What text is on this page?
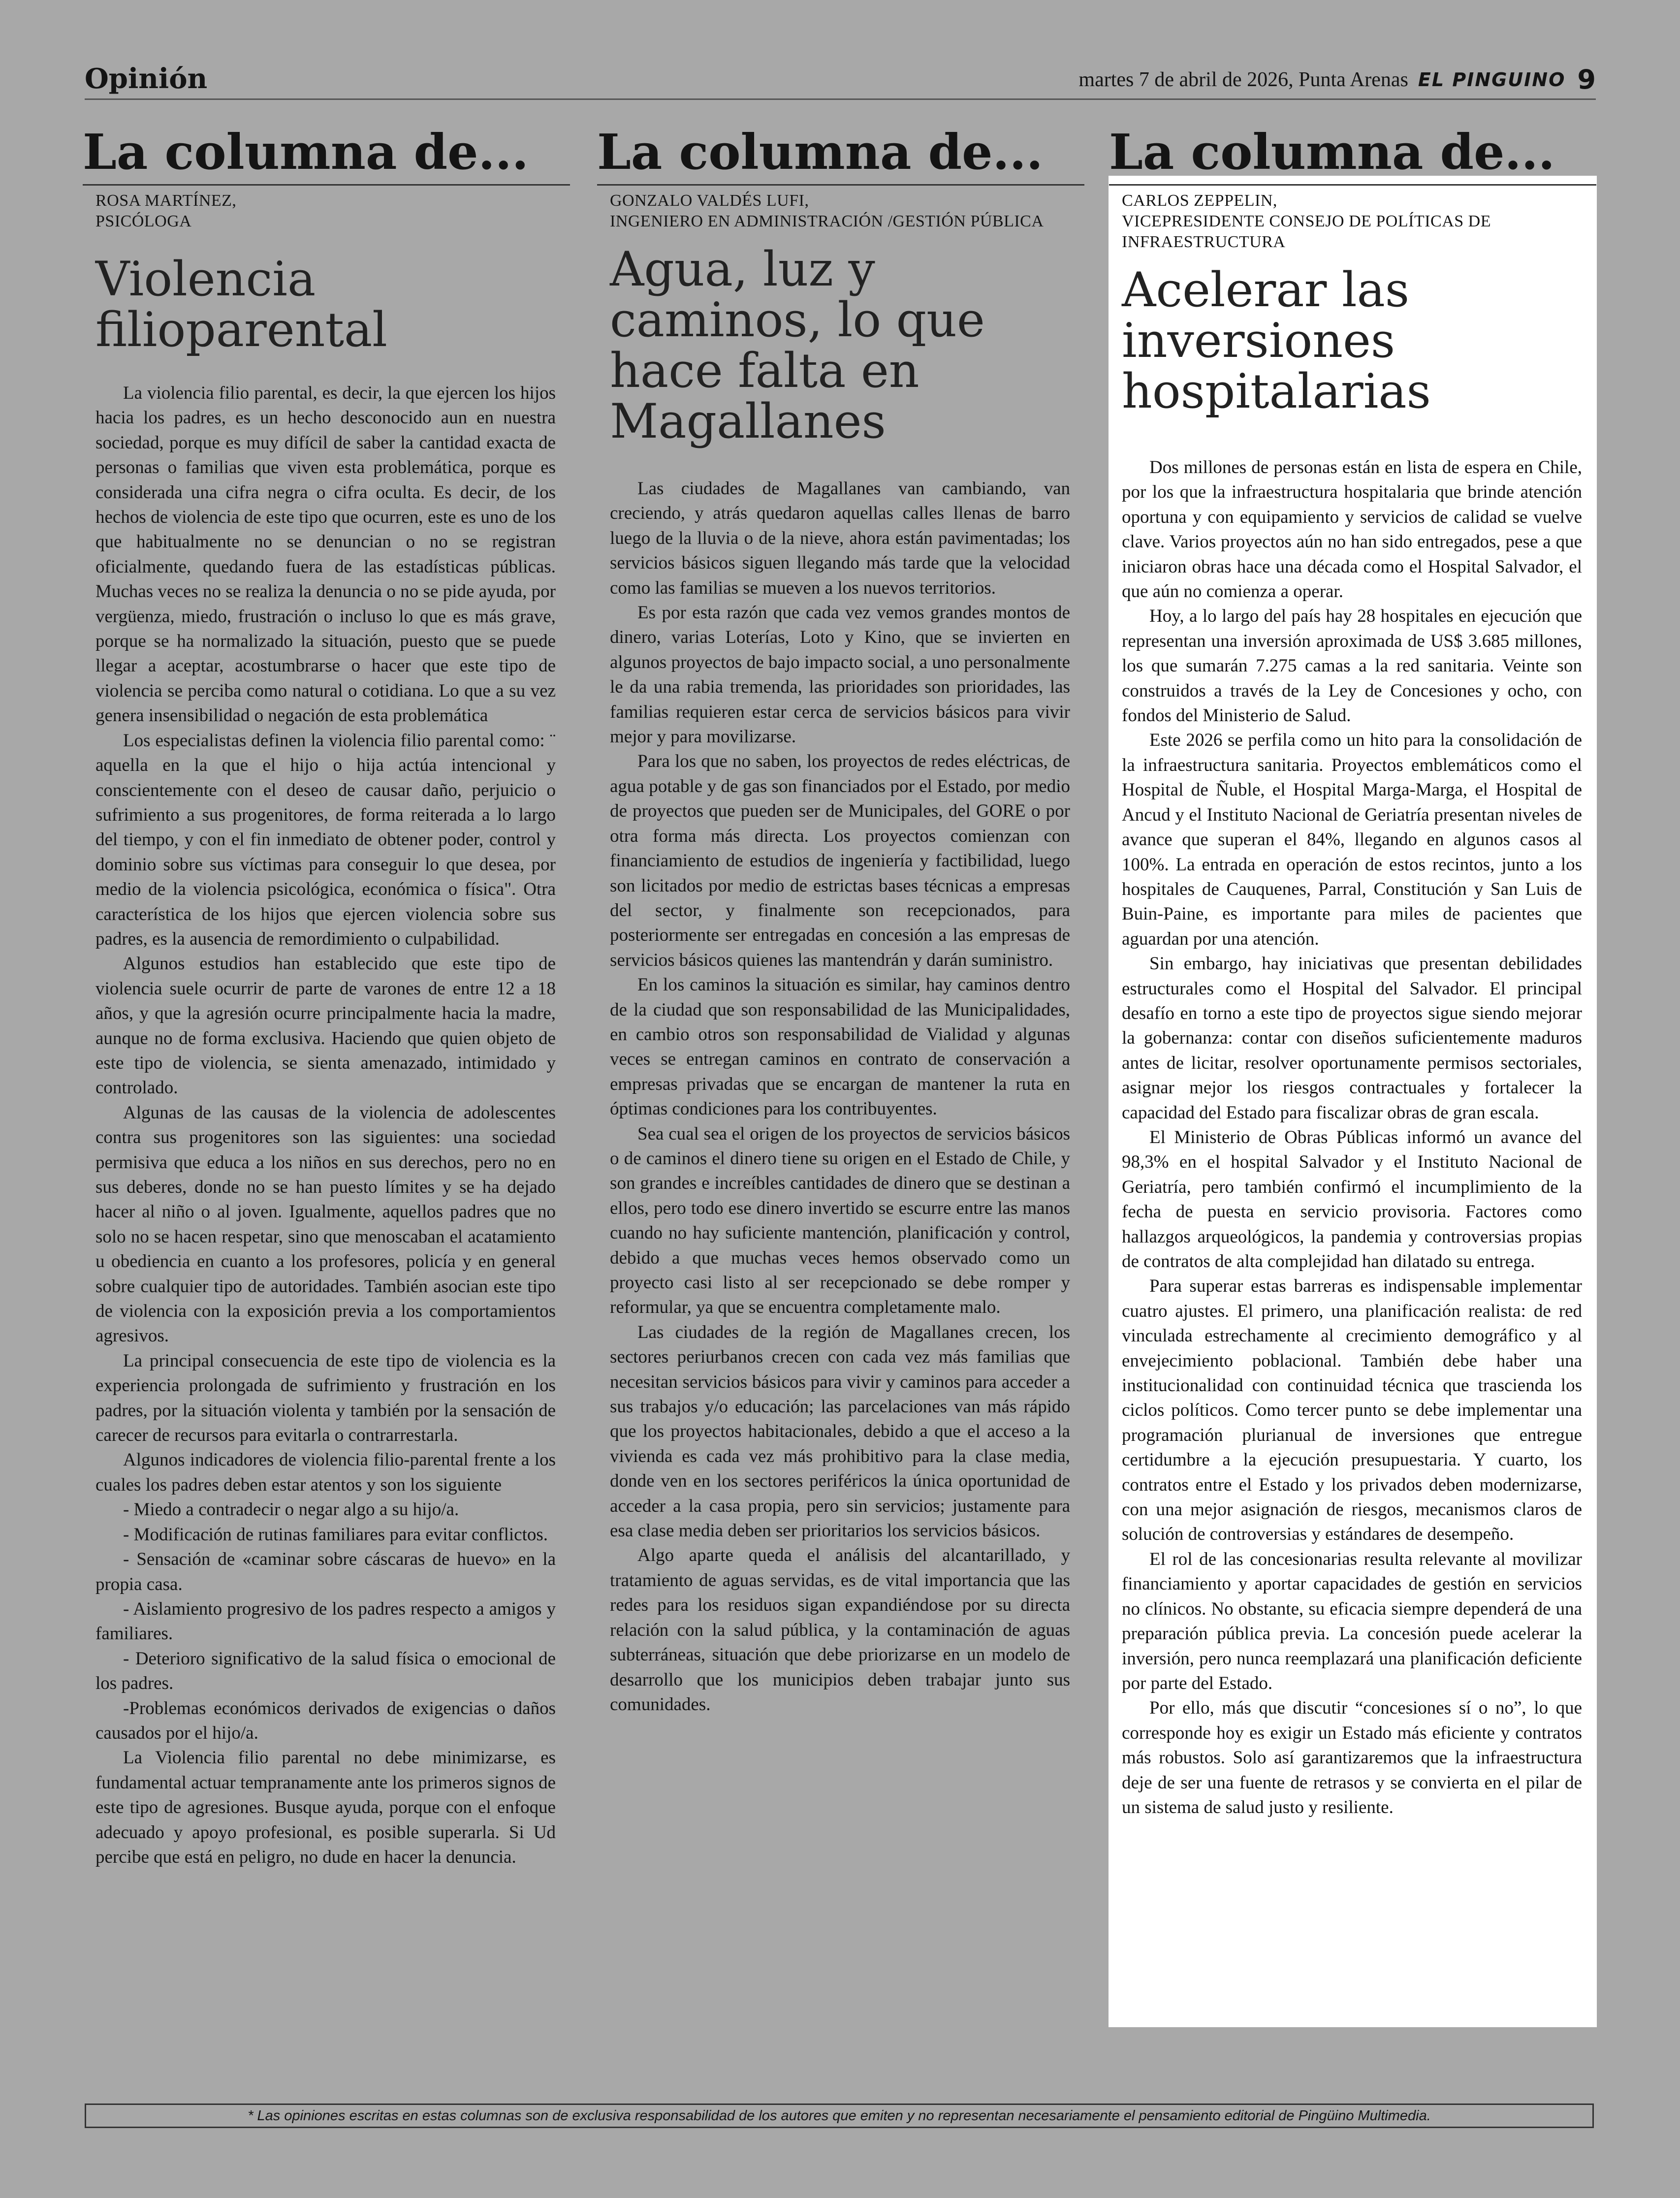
Opinión	martes 7 de abril de 2026, Punta Arenas EL PINGUINO 9
La columna de...
ROSA MARTÍNEZ,
PSICÓLOGA
Violencia
filioparental

La violencia filio parental, es decir, la que ejercen los hijos hacia los padres, es un hecho desconocido aun en nuestra sociedad, porque es muy difícil de saber la cantidad exacta de personas o familias que viven esta problemática, porque es considerada una cifra negra o cifra oculta. Es decir, de los hechos de violencia de este tipo que ocurren, este es uno de los que habitualmente no se denuncian o no se registran oficialmente, quedando fuera de las estadísticas públicas. Muchas veces no se realiza la denuncia o no se pide ayuda, por vergüenza, miedo, frustración o incluso lo que es más grave, porque se ha normalizado la situación, puesto que se puede llegar a aceptar, acostumbrarse o hacer que este tipo de violencia se perciba como natural o cotidiana. Lo que a su vez genera insensibilidad o negación de esta problemática

Los especialistas definen la violencia filio parental como: ¨ aquella en la que el hijo o hija actúa intencional y conscientemente con el deseo de causar daño, perjuicio o sufrimiento a sus progenitores, de forma reiterada a lo largo del tiempo, y con el fin inmediato de obtener poder, control y dominio sobre sus víctimas para conseguir lo que desea, por medio de la violencia psicológica, económica o física". Otra característica de los hijos que ejercen violencia sobre sus padres, es la ausencia de remordimiento o culpabilidad.

Algunos estudios han establecido que este tipo de violencia suele ocurrir de parte de varones de entre 12 a 18 años, y que la agresión ocurre principalmente hacia la madre, aunque no de forma exclusiva. Haciendo que quien objeto de este tipo de violencia, se sienta amenazado, intimidado y controlado.

Algunas de las causas de la violencia de adolescentes contra sus progenitores son las siguientes: una sociedad permisiva que educa a los niños en sus derechos, pero no en sus deberes, donde no se han puesto límites y se ha dejado hacer al niño o al joven. Igualmente, aquellos padres que no solo no se hacen respetar, sino que menoscaban el acatamiento u obediencia en cuanto a los profesores, policía y en general sobre cualquier tipo de autoridades. También asocian este tipo de violencia con la exposición previa a los comportamientos agresivos.

La principal consecuencia de este tipo de violencia es la experiencia prolongada de sufrimiento y frustración en los padres, por la situación violenta y también por la sensación de carecer de recursos para evitarla o contrarrestarla.

Algunos indicadores de violencia filio-parental frente a los cuales los padres deben estar atentos y son los siguiente

- Miedo a contradecir o negar algo a su hijo/a.

- Modificación de rutinas familiares para evitar conflictos.

- Sensación de «caminar sobre cáscaras de huevo» en la propia casa.

- Aislamiento progresivo de los padres respecto a amigos y familiares.

- Deterioro significativo de la salud física o emocional de los padres.

-Problemas económicos derivados de exigencias o daños causados por el hijo/a.

La Violencia filio parental no debe minimizarse, es fundamental actuar tempranamente ante los primeros signos de este tipo de agresiones. Busque ayuda, porque con el enfoque adecuado y apoyo profesional, es posible superarla. Si Ud percibe que está en peligro, no dude en hacer la denuncia.

La columna de...
GONZALO VALDÉS LUFI,
INGENIERO EN ADMINISTRACIÓN /GESTIÓN PÚBLICA
Agua, luz y
caminos, lo que
hace falta en
Magallanes

Las ciudades de Magallanes van cambiando, van creciendo, y atrás quedaron aquellas calles llenas de barro luego de la lluvia o de la nieve, ahora están pavimentadas; los servicios básicos siguen llegando más tarde que la velocidad como las familias se mueven a los nuevos territorios.

Es por esta razón que cada vez vemos grandes montos de dinero, varias Loterías, Loto y Kino, que se invierten en algunos proyectos de bajo impacto social, a uno personalmente le da una rabia tremenda, las prioridades son prioridades, las familias requieren estar cerca de servicios básicos para vivir mejor y para movilizarse.

Para los que no saben, los proyectos de redes eléctricas, de agua potable y de gas son financiados por el Estado, por medio de proyectos que pueden ser de Municipales, del GORE o por otra forma más directa. Los proyectos comienzan con financiamiento de estudios de ingeniería y factibilidad, luego son licitados por medio de estrictas bases técnicas a empresas del sector, y finalmente son recepcionados, para posteriormente ser entregadas en concesión a las empresas de servicios básicos quienes las mantendrán y darán suministro.

En los caminos la situación es similar, hay caminos dentro de la ciudad que son responsabilidad de las Municipalidades, en cambio otros son responsabilidad de Vialidad y algunas veces se entregan caminos en contrato de conservación a empresas privadas que se encargan de mantener la ruta en óptimas condiciones para los contribuyentes.

Sea cual sea el origen de los proyectos de servicios básicos o de caminos el dinero tiene su origen en el Estado de Chile, y son grandes e increíbles cantidades de dinero que se destinan a ellos, pero todo ese dinero invertido se escurre entre las manos cuando no hay suficiente mantención, planificación y control, debido a que muchas veces hemos observado como un proyecto casi listo al ser recepcionado se debe romper y reformular, ya que se encuentra completamente malo.

Las ciudades de la región de Magallanes crecen, los sectores periurbanos crecen con cada vez más familias que necesitan servicios básicos para vivir y caminos para acceder a sus trabajos y/o educación; las parcelaciones van más rápido que los proyectos habitacionales, debido a que el acceso a la vivienda es cada vez más prohibitivo para la clase media, donde ven en los sectores periféricos la única oportunidad de acceder a la casa propia, pero sin servicios; justamente para esa clase media deben ser prioritarios los servicios básicos.

Algo aparte queda el análisis del alcantarillado, y tratamiento de aguas servidas, es de vital importancia que las redes para los residuos sigan expandiéndose por su directa relación con la salud pública, y la contaminación de aguas subterráneas, situación que debe priorizarse en un modelo de desarrollo que los municipios deben trabajar junto sus comunidades.

La columna de...
CARLOS ZEPPELIN,
VICEPRESIDENTE CONSEJO DE POLÍTICAS DE INFRAESTRUCTURA
Acelerar las
inversiones
hospitalarias

Dos millones de personas están en lista de espera en Chile, por los que la infraestructura hospitalaria que brinde atención oportuna y con equipamiento y servicios de calidad se vuelve clave. Varios proyectos aún no han sido entregados, pese a que iniciaron obras hace una década como el Hospital Salvador, el que aún no comienza a operar.

Hoy, a lo largo del país hay 28 hospitales en ejecución que representan una inversión aproximada de US$ 3.685 millones, los que sumarán 7.275 camas a la red sanitaria. Veinte son construidos a través de la Ley de Concesiones y ocho, con fondos del Ministerio de Salud.

Este 2026 se perfila como un hito para la consolidación de la infraestructura sanitaria. Proyectos emblemáticos como el Hospital de Ñuble, el Hospital Marga-Marga, el Hospital de Ancud y el Instituto Nacional de Geriatría presentan niveles de avance que superan el 84%, llegando en algunos casos al 100%. La entrada en operación de estos recintos, junto a los hospitales de Cauquenes, Parral, Constitución y San Luis de Buin-Paine, es importante para miles de pacientes que aguardan por una atención.

Sin embargo, hay iniciativas que presentan debilidades estructurales como el Hospital del Salvador. El principal desafío en torno a este tipo de proyectos sigue siendo mejorar la gobernanza: contar con diseños suficientemente maduros antes de licitar, resolver oportunamente permisos sectoriales, asignar mejor los riesgos contractuales y fortalecer la capacidad del Estado para fiscalizar obras de gran escala.

El Ministerio de Obras Públicas informó un avance del 98,3% en el hospital Salvador y el Instituto Nacional de Geriatría, pero también confirmó el incumplimiento de la fecha de puesta en servicio provisoria. Factores como hallazgos arqueológicos, la pandemia y controversias propias de contratos de alta complejidad han dilatado su entrega.

Para superar estas barreras es indispensable implementar cuatro ajustes. El primero, una planificación realista: de red vinculada estrechamente al crecimiento demográfico y al envejecimiento poblacional. También debe haber una institucionalidad con continuidad técnica que trascienda los ciclos políticos. Como tercer punto se debe implementar una programación plurianual de inversiones que entregue certidumbre a la ejecución presupuestaria. Y cuarto, los contratos entre el Estado y los privados deben modernizarse, con una mejor asignación de riesgos, mecanismos claros de solución de controversias y estándares de desempeño.

El rol de las concesionarias resulta relevante al movilizar financiamiento y aportar capacidades de gestión en servicios no clínicos. No obstante, su eficacia siempre dependerá de una preparación pública previa. La concesión puede acelerar la inversión, pero nunca reemplazará una planificación deficiente por parte del Estado.

Por ello, más que discutir “concesiones sí o no”, lo que corresponde hoy es exigir un Estado más eficiente y contratos más robustos. Solo así garantizaremos que la infraestructura deje de ser una fuente de retrasos y se convierta en el pilar de un sistema de salud justo y resiliente.

* Las opiniones escritas en estas columnas son de exclusiva responsabilidad de los autores que emiten y no representan necesariamente el pensamiento editorial de Pingüino Multimedia.
